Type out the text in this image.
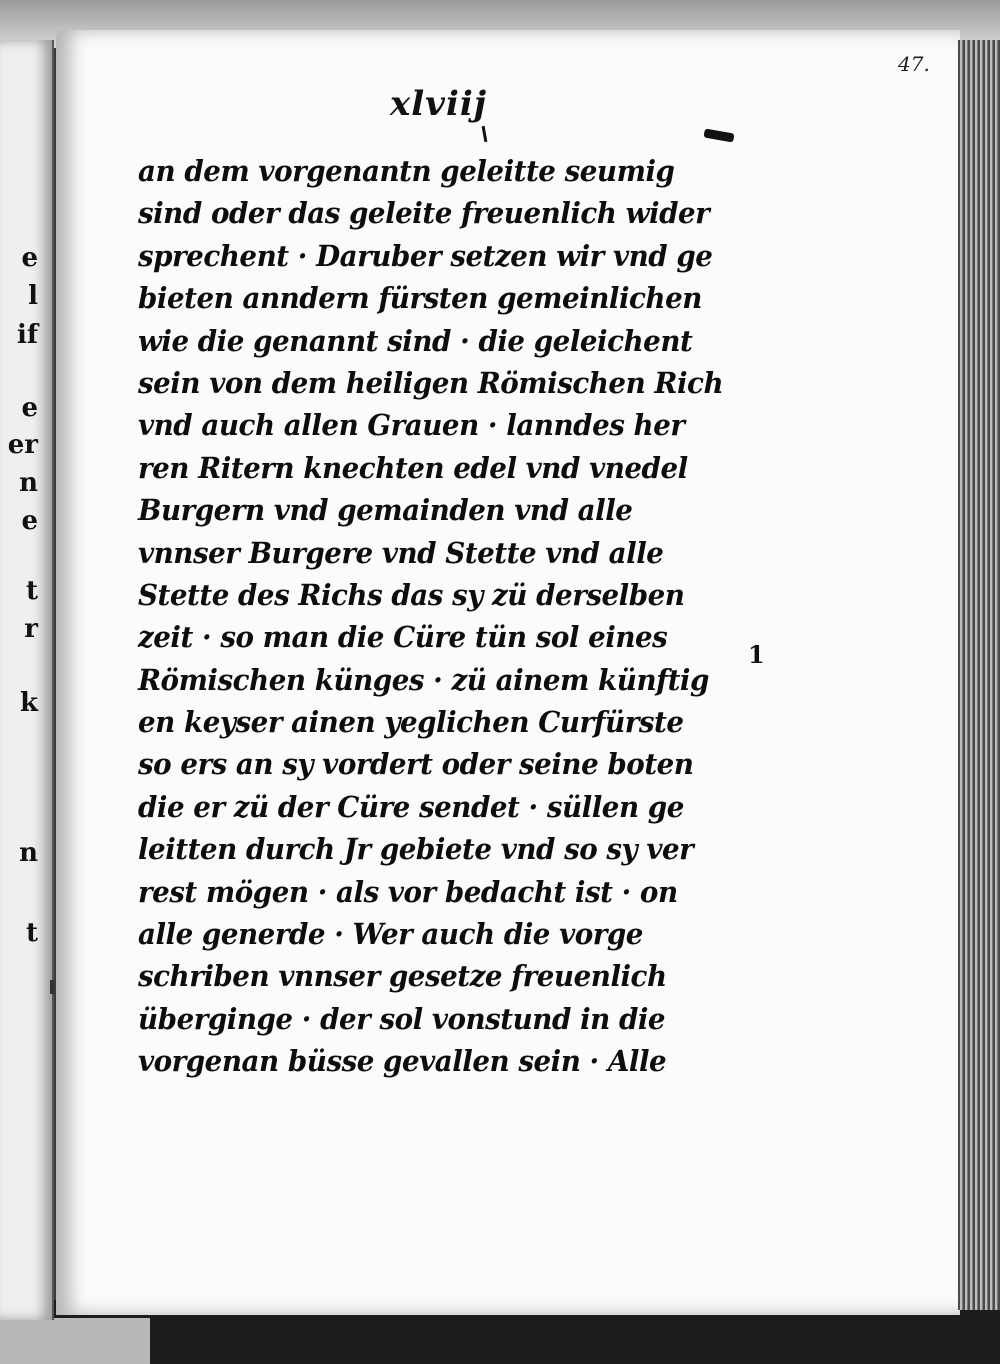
e
l
if
e
er
n
e
t
r
k
n
t
47.
xlviij
an dem vorgenantn geleitte seumig
sind oder das geleite freuenlich wider
sprechent · Daruber setzen wir vnd ge
bieten anndern fürsten gemeinlichen
wie die genannt sind · die geleichent
sein von dem heiligen Römischen Rich
vnd auch allen Grauen · lanndes her
ren Ritern knechten edel vnd vnedel
Burgern vnd gemainden vnd alle
vnnser Burgere vnd Stette vnd alle
Stette des Richs das sy zü derselben
zeit · so man die Cüre tün sol eines
Römischen künges · zü ainem künftig
en keyser ainen yeglichen Curfürste
so ers an sy vordert oder seine boten
die er zü der Cüre sendet · süllen ge
leitten durch Jr gebiete vnd so sy ver
rest mögen · als vor bedacht ist · on
alle generde · Wer auch die vorge
schriben vnnser gesetze freuenlich
überginge · der sol vonstund in die
vorgenan büsse gevallen sein · Alle
1
